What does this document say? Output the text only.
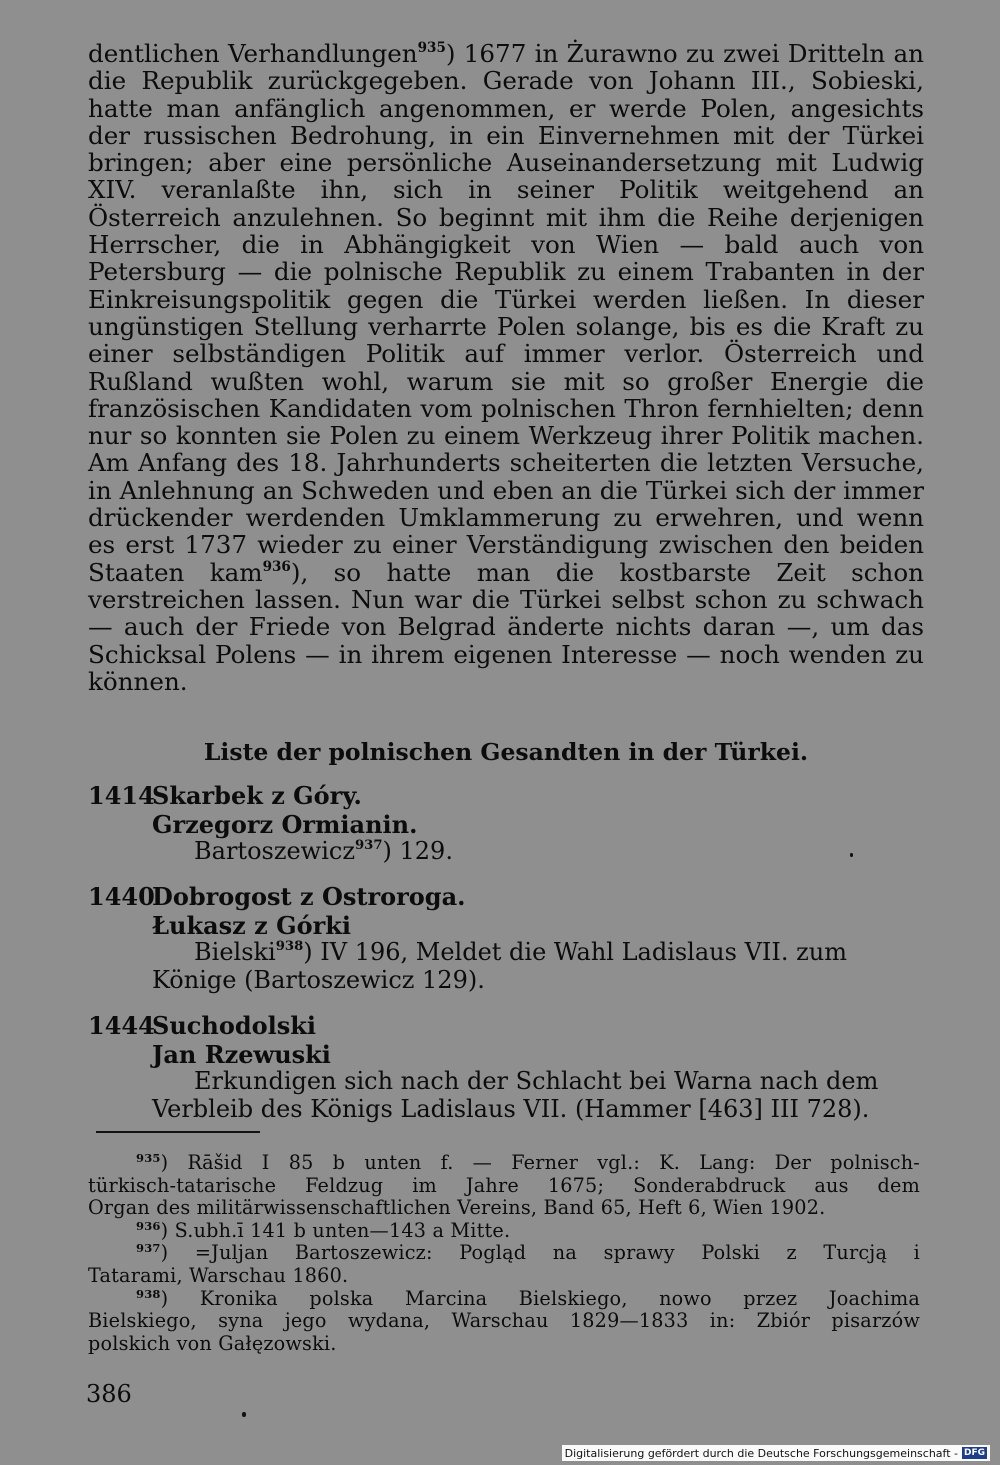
dentlichen Verhandlungen$^{935}$) 1677 in Żurawno zu zwei Dritteln an die Republik zurückgegeben. Gerade von Johann III., Sobieski, hatte man anfänglich angenommen, er werde Polen, angesichts der russischen Bedrohung, in ein Einvernehmen mit der Türkei bringen; aber eine persönliche Auseinandersetzung mit Ludwig XIV. veranlaßte ihn, sich in seiner Politik weitgehend an Österreich anzulehnen. So beginnt mit ihm die Reihe derjenigen Herrscher, die in Abhängigkeit von Wien — bald auch von Petersburg — die polnische Republik zu einem Trabanten in der Einkreisungspolitik gegen die Türkei werden ließen. In dieser ungünstigen Stellung verharrte Polen solange, bis es die Kraft zu einer selbständigen Politik auf immer verlor. Österreich und Rußland wußten wohl, warum sie mit so großer Energie die französischen Kandidaten vom polnischen Thron fernhielten; denn nur so konnten sie Polen zu einem Werkzeug ihrer Politik machen. Am Anfang des 18. Jahrhunderts scheiterten die letzten Versuche, in Anlehnung an Schweden und eben an die Türkei sich der immer drückender werdenden Umklammerung zu erwehren, und wenn es erst 1737 wieder zu einer Verständigung zwischen den beiden Staaten kam$^{936}$), so hatte man die kostbarste Zeit schon verstreichen lassen. Nun war die Türkei selbst schon zu schwach — auch der Friede von Belgrad änderte nichts daran —, um das Schicksal Polens — in ihrem eigenen Interesse — noch wenden zu können.

Liste der polnischen Gesandten in der Türkei.
1414Skarbek z Góry.
Grzegorz Ormianin.
Bartoszewicz$^{937}$) 129.
1440Dobrogost z Ostroroga.
Łukasz z Górki
Bielski$^{938}$) IV 196, Meldet die Wahl Ladislaus VII. zum
Könige (Bartoszewicz 129).
1444Suchodolski
Jan Rzewuski
Erkundigen sich nach der Schlacht bei Warna nach dem
Verbleib des Königs Ladislaus VII. (Hammer [463] III 728).
$^{935}$) Rāšid I 85 b unten f. — Ferner vgl.: K. Lang: Der polnisch-
türkisch-tatarische Feldzug im Jahre 1675; Sonderabdruck aus dem
Organ des militärwissenschaftlichen Vereins, Band 65, Heft 6, Wien 1902.
$^{936}$) S.ubh.ī 141 b unten—143 a Mitte.
$^{937}$) =Juljan Bartoszewicz: Pogląd na sprawy Polski z Turcją i
Tatarami, Warschau 1860.
$^{938}$) Kronika polska Marcina Bielskiego, nowo przez Joachima
Bielskiego, syna jego wydana, Warschau 1829—1833 in: Zbiór pisarzów
polskich von Gałęzowski.
386
Digitalisierung gefördert durch die Deutsche Forschungsgemeinschaft - DFG
